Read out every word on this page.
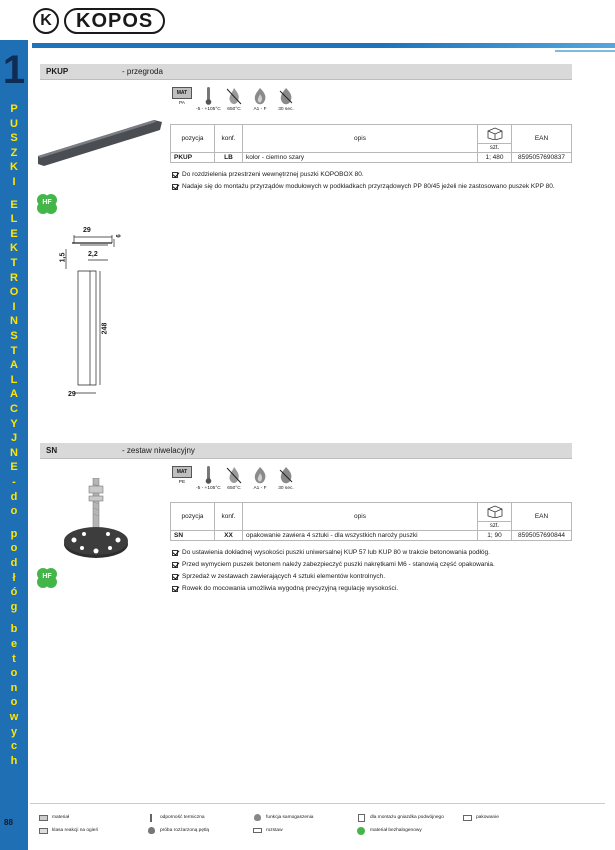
K	KOPOS
1
P
U
S
Z
K
I
E
L
E
K
T
R
O
I
N
S
T
A
L
A
C
Y
J
N
E
-
d
o
p
o
d
ł
ó
g
b
e
t
o
n
o
w
y
c
h
88
PKUP	- przegroda
HF
29
6
2,2
1,5
248
29
MAT
PA
-5 - +105°C	650°C	A1 - F	30 sec.
pozycja	konf.	opis		EAN
			szt.	
PKUP	LB	kolor - ciemno szary	1; 480	8595057690837
Do rozdzielenia przestrzeni wewnętrznej puszki KOPOBOX 80.
Nadaje się do montażu przyrządów modułowych w podkładkach przyrządowych PP 80/45 jeżeli nie zastosowano puszek KPP 80.
SN	- zestaw niwelacyjny
HF
MAT
PE
-5 - +105°C	650°C	A1 - F	30 sec.
pozycja	konf.	opis		EAN
			szt.	
SN	XX	opakowanie zawiera 4 sztuki - dla wszystkich naroży puszki	1; 90	8595057690844
Do ustawienia dokładnej wysokości puszki uniwersalnej KUP 57 lub KUP 80 w trakcie betonowania podłóg.
Przed wymyciem puszek betonem należy zabezpieczyć puszki nakrętkami M6 - stanowią część opakowania.
Sprzedaż w zestawach zawierających 4 sztuki elementów kontrolnych.
Rowek do mocowania umożliwia wygodną precyzyjną regulację wysokości.
materiał	odporność termiczna	funkcja samogaszenia	dla montażu gniazdka podwójnego	pakowanie
klasa reakcji na ogień	próba rozżarzoną pętlą	rozstaw	materiał bezhalogenowy
